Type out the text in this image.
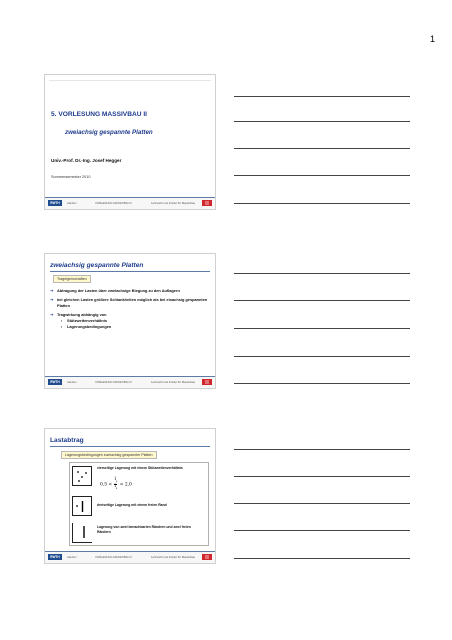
1
5. VORLESUNG MASSIVBAU II
zweiachsig gespannte Platten
Univ.-Prof. Dr.-Ing. Josef Hegger
Sommersemester 2010
RWTH	Aachen	VORLESUNG MASSIVBAU II	Lehrstuhl und Institut für Massivbau
zweiachsig gespannte Platten
Trageigenschaften
➔ Abtragung der Lasten über zweiachsige Biegung zu den Auflagern
➔ bei gleichen Lasten größere Schlankheiten möglich als bei einachsig gespannten Platten
➔ Tragwirkung abhängig von
▪ Stützweitenverhältnis
▪ Lagerungsbedingungen
RWTH	Aachen	VORLESUNG MASSIVBAU II	Lehrstuhl und Institut für Massivbau
Lastabtrag
Lagerungsbedingungen zweiachsig gespannter Platten
vierseitige Lagerung mit einem Stützweitenverhältnis
$0,5 < \frac{l_y}{l_x} < 2,0$
dreiseitige Lagerung mit einem freien Rand
Lagerung von zwei benachbarten Rändern und zwei freien Rändern
RWTH	Aachen	VORLESUNG MASSIVBAU II	Lehrstuhl und Institut für Massivbau
